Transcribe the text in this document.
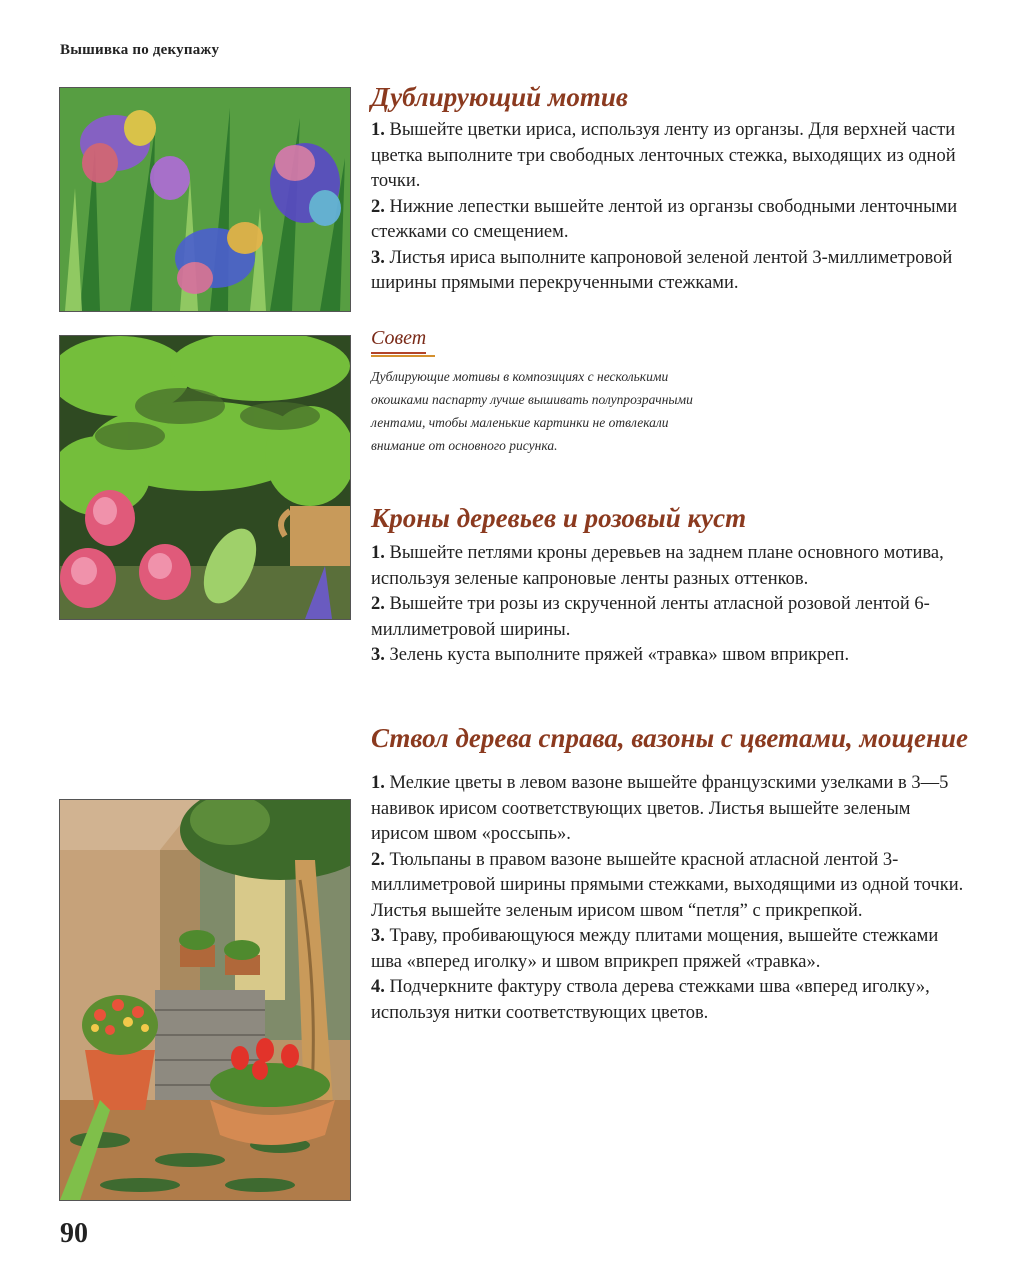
Вышивка по декупажу
Дублирующий мотив

1. Вышейте цветки ириса, используя ленту из органзы. Для верхней части цветка выполните три свободных ленточных стежка, выходящих из одной точки.

2. Нижние лепестки вышейте лентой из органзы свободными ленточными стежками со смещением.

3. Листья ириса выполните капроновой зеленой лентой 3-миллиметровой ширины прямыми перекрученными стежками.

Совет
Дублирующие мотивы в композициях с несколькими окошками паспарту лучше вышивать полупрозрачными лентами, чтобы маленькие картинки не отвлекали внимание от основного рисунка.
Кроны деревьев и розовый куст

1. Вышейте петлями кроны деревьев на заднем плане основного мотива, используя зеленые капроновые ленты разных оттенков.

2. Вышейте три розы из скрученной ленты атласной розовой лентой 6-миллиметровой ширины.

3. Зелень куста выполните пряжей «травка» швом вприкреп.

Ствол дерева справа, вазоны с цветами, мощение

1. Мелкие цветы в левом вазоне вышейте французскими узелками в 3—5 навивок ирисом соответствующих цветов. Листья вышейте зеленым ирисом швом «россыпь».

2. Тюльпаны в правом вазоне вышейте красной атласной лентой 3-миллиметровой ширины прямыми стежками, выходящими из одной точки. Листья вышейте зеленым ирисом швом “петля” с прикрепкой.

3. Траву, пробивающуюся между плитами мощения, вышейте стежками шва «вперед иголку» и швом вприкреп пряжей «травка».

4. Подчеркните фактуру ствола дерева стежками шва «вперед иголку», используя нитки соответствующих цветов.

90
